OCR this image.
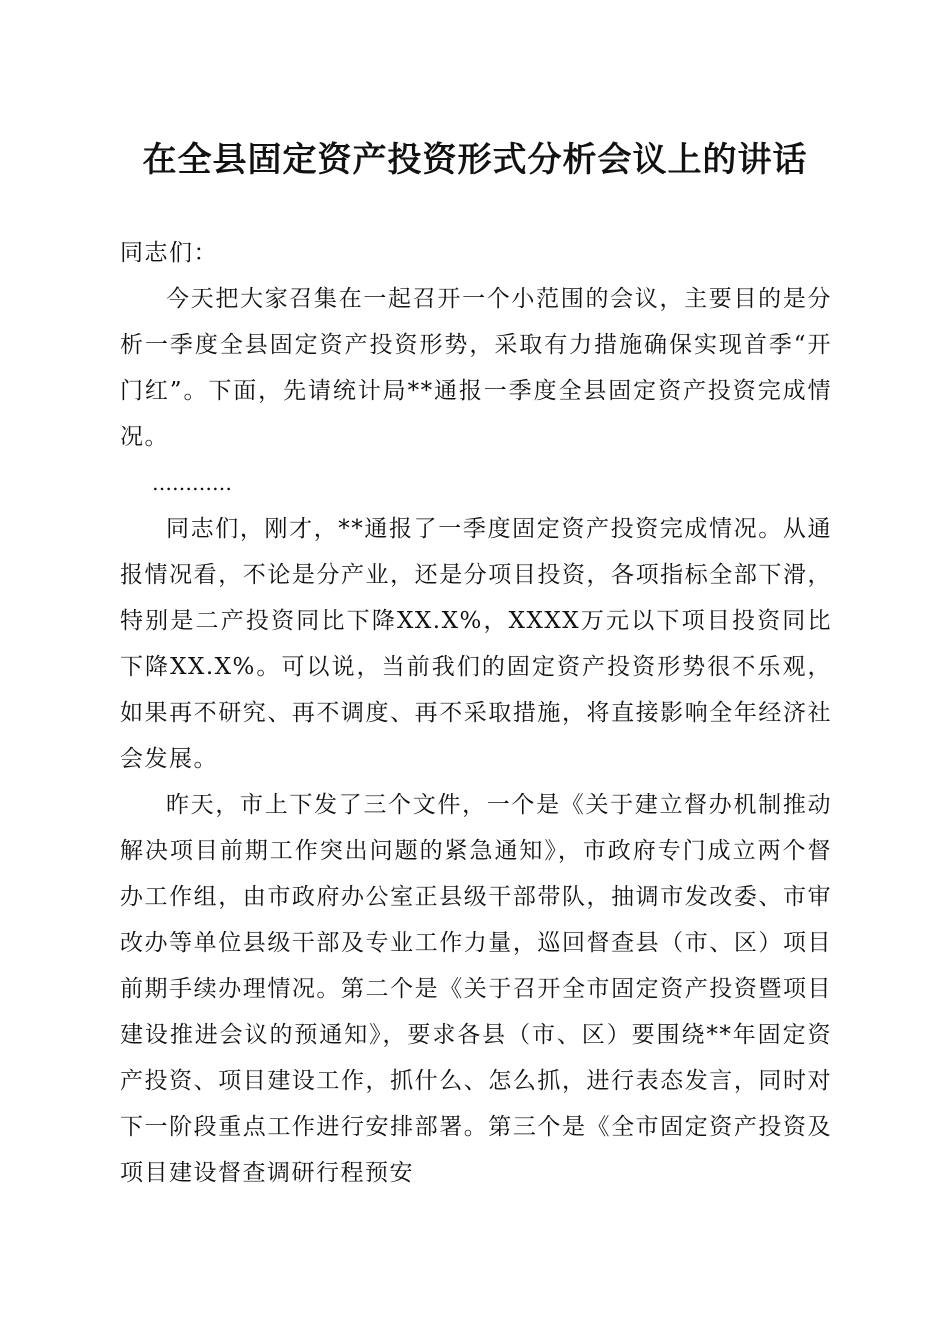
在全县固定资产投资形式分析会议上的讲话

同志们：

今天把大家召集在一起召开一个小范围的会议，主要目的是分析一季度全县固定资产投资形势，采取有力措施确保实现首季“开门红”。下面，先请统计局**通报一季度全县固定资产投资完成情况。

…………

同志们，刚才，**通报了一季度固定资产投资完成情况。从通报情况看，不论是分产业，还是分项目投资，各项指标全部下滑，特别是二产投资同比下降XX.X%，XXXX万元以下项目投资同比下降XX.X%。可以说，当前我们的固定资产投资形势很不乐观，如果再不研究、再不调度、再不采取措施，将直接影响全年经济社会发展。

昨天，市上下发了三个文件，一个是《关于建立督办机制推动解决项目前期工作突出问题的紧急通知》，市政府专门成立两个督办工作组，由市政府办公室正县级干部带队，抽调市发改委、市审改办等单位县级干部及专业工作力量，巡回督查县（市、区）项目前期手续办理情况。第二个是《关于召开全市固定资产投资暨项目建设推进会议的预通知》，要求各县（市、区）要围绕**年固定资产投资、项目建设工作，抓什么、怎么抓，进行表态发言，同时对下一阶段重点工作进行安排部署。第三个是《全市固定资产投资及项目建设督查调研行程预安
